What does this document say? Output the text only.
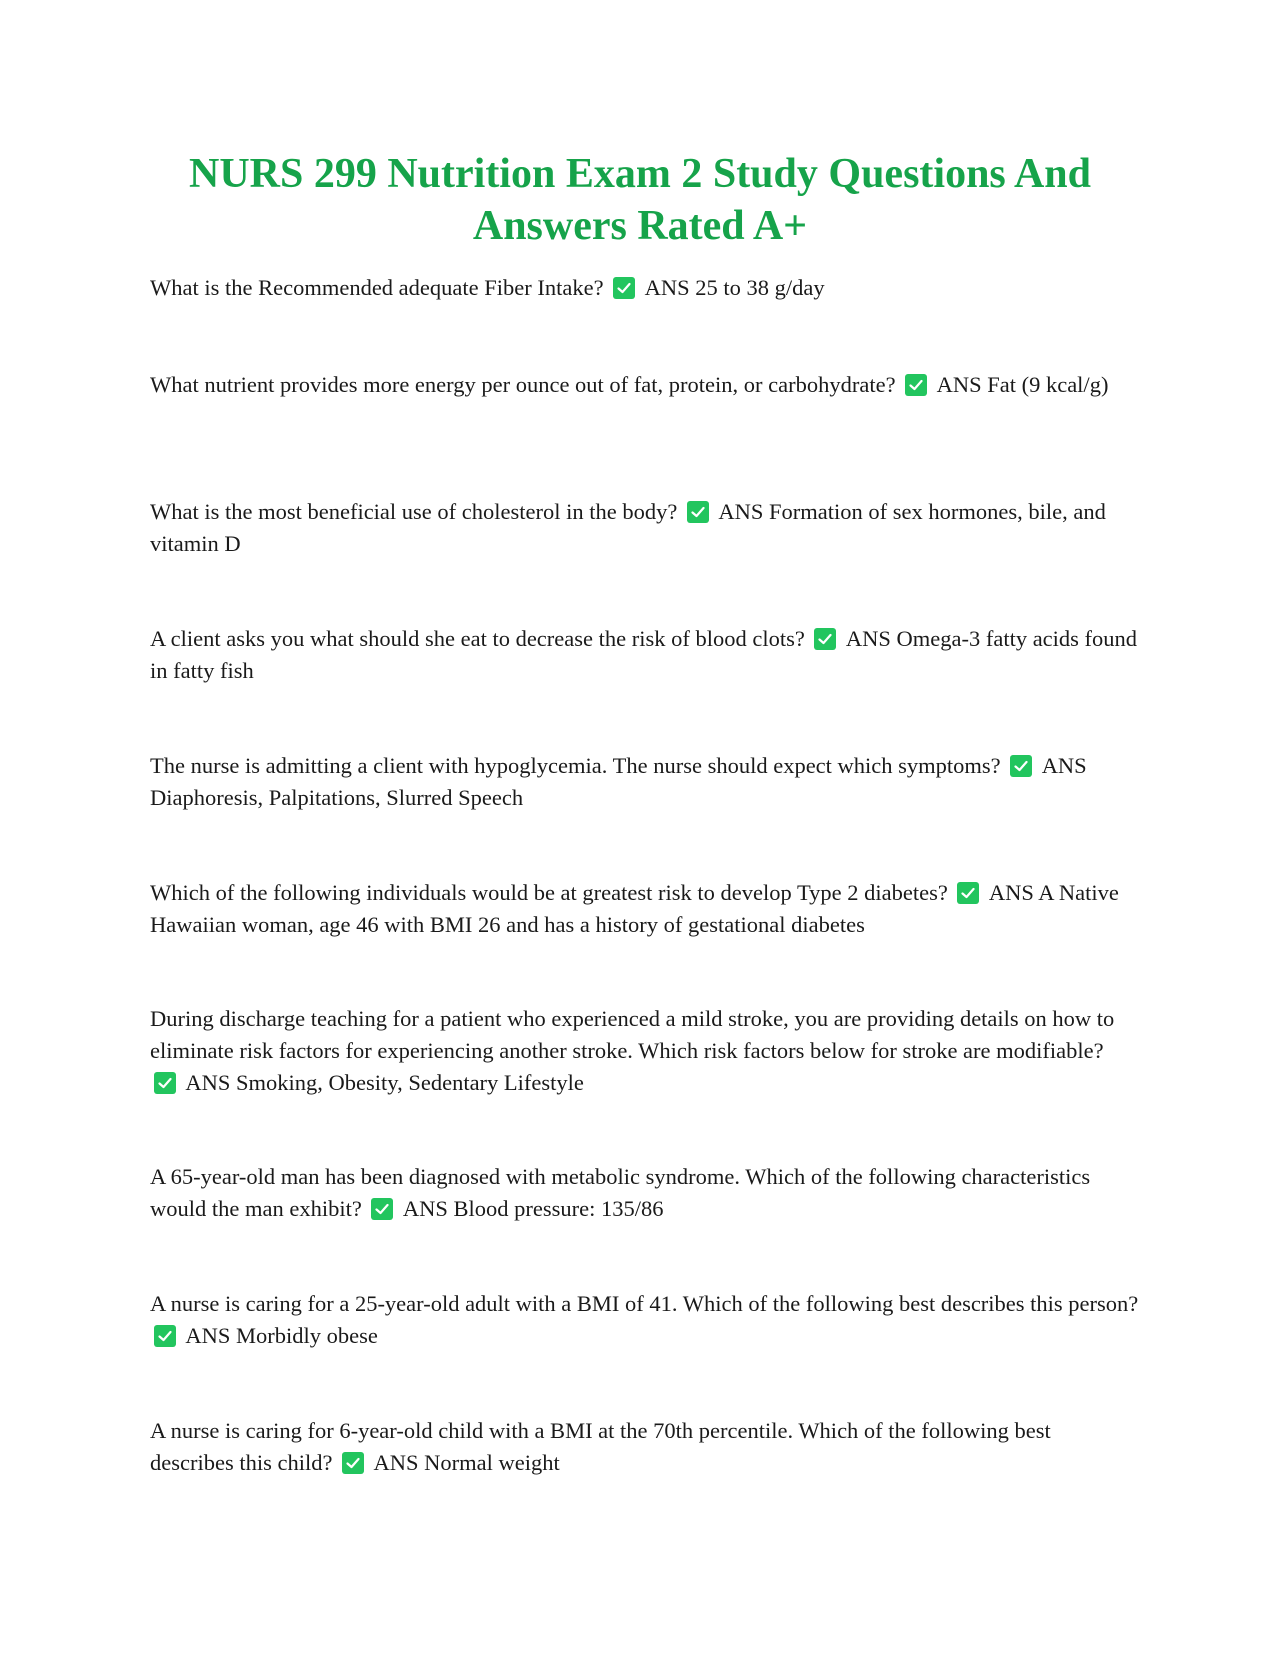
NURS 299 Nutrition Exam 2 Study Questions And Answers Rated A+
What is the Recommended adequate Fiber Intake? ANS 25 to 38 g/day
What nutrient provides more energy per ounce out of fat, protein, or carbohydrate? ANS Fat (9 kcal/g)
What is the most beneficial use of cholesterol in the body? ANS Formation of sex hormones, bile, and vitamin D
A client asks you what should she eat to decrease the risk of blood clots? ANS Omega-3 fatty acids found in fatty fish
The nurse is admitting a client with hypoglycemia. The nurse should expect which symptoms? ANS Diaphoresis, Palpitations, Slurred Speech
Which of the following individuals would be at greatest risk to develop Type 2 diabetes? ANS A Native Hawaiian woman, age 46 with BMI 26 and has a history of gestational diabetes
During discharge teaching for a patient who experienced a mild stroke, you are providing details on how to eliminate risk factors for experiencing another stroke. Which risk factors below for stroke are modifiable?
ANS Smoking, Obesity, Sedentary Lifestyle
A 65-year-old man has been diagnosed with metabolic syndrome. Which of the following characteristics would the man exhibit? ANS Blood pressure: 135/86
A nurse is caring for a 25-year-old adult with a BMI of 41. Which of the following best describes this person?
ANS Morbidly obese
A nurse is caring for 6-year-old child with a BMI at the 70th percentile. Which of the following best describes this child? ANS Normal weight
